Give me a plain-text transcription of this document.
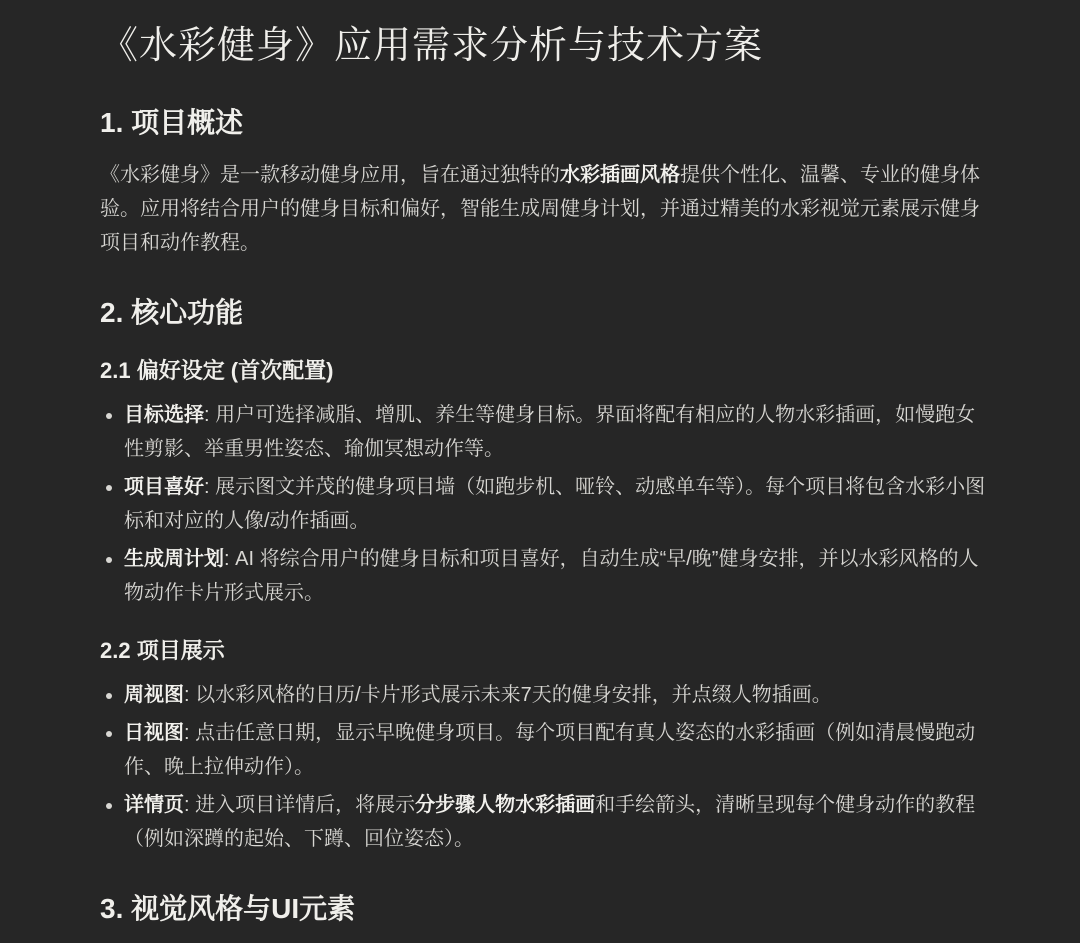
《水彩健身》应用需求分析与技术方案
1. 项目概述

《水彩健身》是一款移动健身应用，旨在通过独特的水彩插画风格提供个性化、温馨、专业的健身体验。应用将结合用户的健身目标和偏好，智能生成周健身计划，并通过精美的水彩视觉元素展示健身项目和动作教程。

2. 核心功能
2.1 偏好设定 (首次配置)
• 目标选择: 用户可选择减脂、增肌、养生等健身目标。界面将配有相应的人物水彩插画，如慢跑女性剪影、举重男性姿态、瑜伽冥想动作等。
• 项目喜好: 展示图文并茂的健身项目墙（如跑步机、哑铃、动感单车等）。每个项目将包含水彩小图标和对应的人像/动作插画。
• 生成周计划: AI 将综合用户的健身目标和项目喜好，自动生成“早/晚”健身安排，并以水彩风格的人物动作卡片形式展示。
2.2 项目展示
• 周视图: 以水彩风格的日历/卡片形式展示未来7天的健身安排，并点缀人物插画。
• 日视图: 点击任意日期，显示早晚健身项目。每个项目配有真人姿态的水彩插画（例如清晨慢跑动作、晚上拉伸动作）。
• 详情页: 进入项目详情后，将展示分步骤人物水彩插画和手绘箭头，清晰呈现每个健身动作的教程（例如深蹲的起始、下蹲、回位姿态）。
3. 视觉风格与UI元素
